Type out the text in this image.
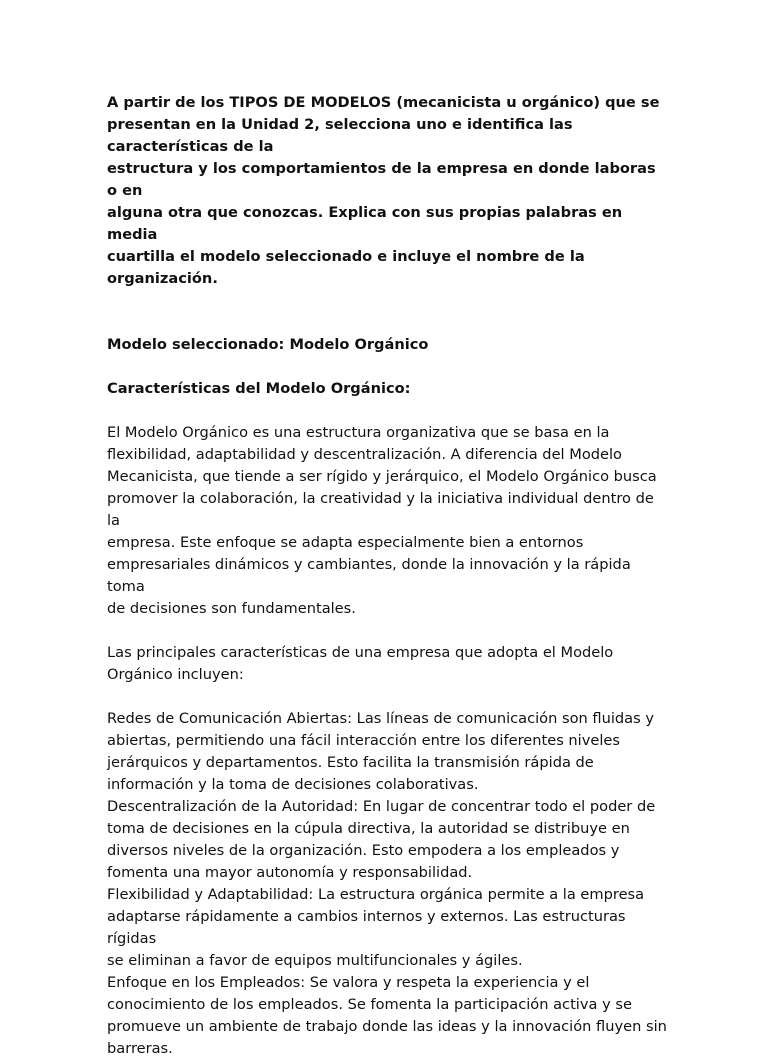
A partir de los TIPOS DE MODELOS (mecanicista u orgánico) que se
presentan en la Unidad 2, selecciona uno e identifica las características de la
estructura y los comportamientos de la empresa en donde laboras o en
alguna otra que conozcas. Explica con sus propias palabras en media
cuartilla el modelo seleccionado e incluye el nombre de la organización.

Modelo seleccionado: Modelo Orgánico

Características del Modelo Orgánico:

El Modelo Orgánico es una estructura organizativa que se basa en la
flexibilidad, adaptabilidad y descentralización. A diferencia del Modelo
Mecanicista, que tiende a ser rígido y jerárquico, el Modelo Orgánico busca
promover la colaboración, la creatividad y la iniciativa individual dentro de la
empresa. Este enfoque se adapta especialmente bien a entornos
empresariales dinámicos y cambiantes, donde la innovación y la rápida toma
de decisiones son fundamentales.

Las principales características de una empresa que adopta el Modelo
Orgánico incluyen:

Redes de Comunicación Abiertas: Las líneas de comunicación son fluidas y
abiertas, permitiendo una fácil interacción entre los diferentes niveles
jerárquicos y departamentos. Esto facilita la transmisión rápida de
información y la toma de decisiones colaborativas.

Descentralización de la Autoridad: En lugar de concentrar todo el poder de
toma de decisiones en la cúpula directiva, la autoridad se distribuye en
diversos niveles de la organización. Esto empodera a los empleados y
fomenta una mayor autonomía y responsabilidad.

Flexibilidad y Adaptabilidad: La estructura orgánica permite a la empresa
adaptarse rápidamente a cambios internos y externos. Las estructuras rígidas
se eliminan a favor de equipos multifuncionales y ágiles.

Enfoque en los Empleados: Se valora y respeta la experiencia y el
conocimiento de los empleados. Se fomenta la participación activa y se
promueve un ambiente de trabajo donde las ideas y la innovación fluyen sin
barreras.
